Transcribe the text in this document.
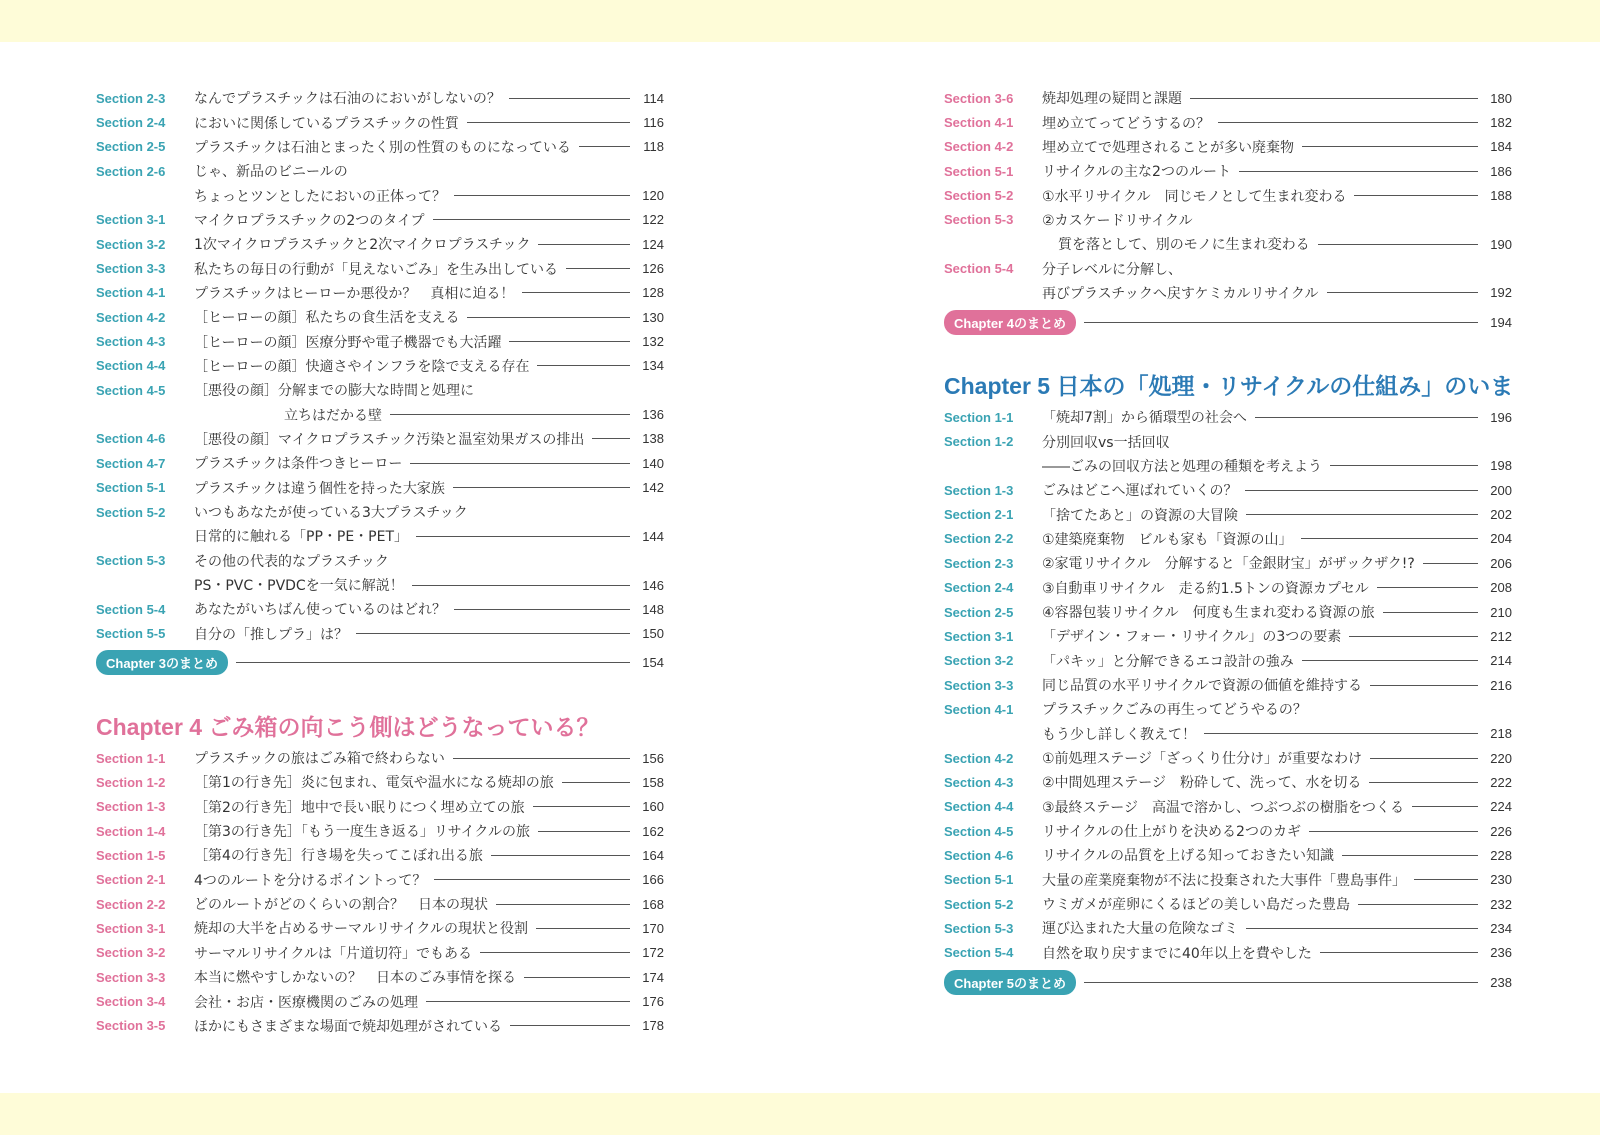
Section 2-3	なんでプラスチックは石油のにおいがしないの？	114
Section 2-4	においに関係しているプラスチックの性質	116
Section 2-5	プラスチックは石油とまったく別の性質のものになっている	118
Section 2-6	じゃ、新品のビニールの
ちょっとツンとしたにおいの正体って？	120
Section 3-1	マイクロプラスチックの2つのタイプ	122
Section 3-2	1次マイクロプラスチックと2次マイクロプラスチック	124
Section 3-3	私たちの毎日の行動が「見えないごみ」を生み出している	126
Section 4-1	プラスチックはヒーローか悪役か？　真相に迫る！	128
Section 4-2	［ヒーローの顔］私たちの食生活を支える	130
Section 4-3	［ヒーローの顔］医療分野や電子機器でも大活躍	132
Section 4-4	［ヒーローの顔］快適さやインフラを陰で支える存在	134
Section 4-5	［悪役の顔］分解までの膨大な時間と処理に
立ちはだかる壁	136
Section 4-6	［悪役の顔］マイクロプラスチック汚染と温室効果ガスの排出	138
Section 4-7	プラスチックは条件つきヒーロー	140
Section 5-1	プラスチックは違う個性を持った大家族	142
Section 5-2	いつもあなたが使っている3大プラスチック
日常的に触れる「PP・PE・PET」	144
Section 5-3	その他の代表的なプラスチック
PS・PVC・PVDCを一気に解説！	146
Section 5-4	あなたがいちばん使っているのはどれ？	148
Section 5-5	自分の「推しプラ」は？	150
Chapter 3のまとめ	154
Chapter 4 ごみ箱の向こう側はどうなっている？
Section 1-1	プラスチックの旅はごみ箱で終わらない	156
Section 1-2	［第1の行き先］炎に包まれ、電気や温水になる焼却の旅	158
Section 1-3	［第2の行き先］地中で長い眠りにつく埋め立ての旅	160
Section 1-4	［第3の行き先］「もう一度生き返る」リサイクルの旅	162
Section 1-5	［第4の行き先］行き場を失ってこぼれ出る旅	164
Section 2-1	4つのルートを分けるポイントって？	166
Section 2-2	どのルートがどのくらいの割合？　日本の現状	168
Section 3-1	焼却の大半を占めるサーマルリサイクルの現状と役割	170
Section 3-2	サーマルリサイクルは「片道切符」でもある	172
Section 3-3	本当に燃やすしかないの？　日本のごみ事情を探る	174
Section 3-4	会社・お店・医療機関のごみの処理	176
Section 3-5	ほかにもさまざまな場面で焼却処理がされている	178
Section 3-6	焼却処理の疑問と課題	180
Section 4-1	埋め立てってどうするの？	182
Section 4-2	埋め立てで処理されることが多い廃棄物	184
Section 5-1	リサイクルの主な2つのルート	186
Section 5-2	①水平リサイクル　同じモノとして生まれ変わる	188
Section 5-3	②カスケードリサイクル
質を落として、別のモノに生まれ変わる	190
Section 5-4	分子レベルに分解し、
再びプラスチックへ戻すケミカルリサイクル	192
Chapter 4のまとめ	194
Chapter 5 日本の「処理・リサイクルの仕組み」のいま
Section 1-1	「焼却7割」から循環型の社会へ	196
Section 1-2	分別回収vs一括回収
――ごみの回収方法と処理の種類を考えよう	198
Section 1-3	ごみはどこへ運ばれていくの？	200
Section 2-1	「捨てたあと」の資源の大冒険	202
Section 2-2	①建築廃棄物　ビルも家も「資源の山」	204
Section 2-3	②家電リサイクル　分解すると「金銀財宝」がザックザク!?	206
Section 2-4	③自動車リサイクル　走る約1.5トンの資源カプセル	208
Section 2-5	④容器包装リサイクル　何度も生まれ変わる資源の旅	210
Section 3-1	「デザイン・フォー・リサイクル」の3つの要素	212
Section 3-2	「パキッ」と分解できるエコ設計の強み	214
Section 3-3	同じ品質の水平リサイクルで資源の価値を維持する	216
Section 4-1	プラスチックごみの再生ってどうやるの？
もう少し詳しく教えて！	218
Section 4-2	①前処理ステージ「ざっくり仕分け」が重要なわけ	220
Section 4-3	②中間処理ステージ　粉砕して、洗って、水を切る	222
Section 4-4	③最終ステージ　高温で溶かし、つぶつぶの樹脂をつくる	224
Section 4-5	リサイクルの仕上がりを決める2つのカギ	226
Section 4-6	リサイクルの品質を上げる知っておきたい知識	228
Section 5-1	大量の産業廃棄物が不法に投棄された大事件「豊島事件」	230
Section 5-2	ウミガメが産卵にくるほどの美しい島だった豊島	232
Section 5-3	運び込まれた大量の危険なゴミ	234
Section 5-4	自然を取り戻すまでに40年以上を費やした	236
Chapter 5のまとめ	238
